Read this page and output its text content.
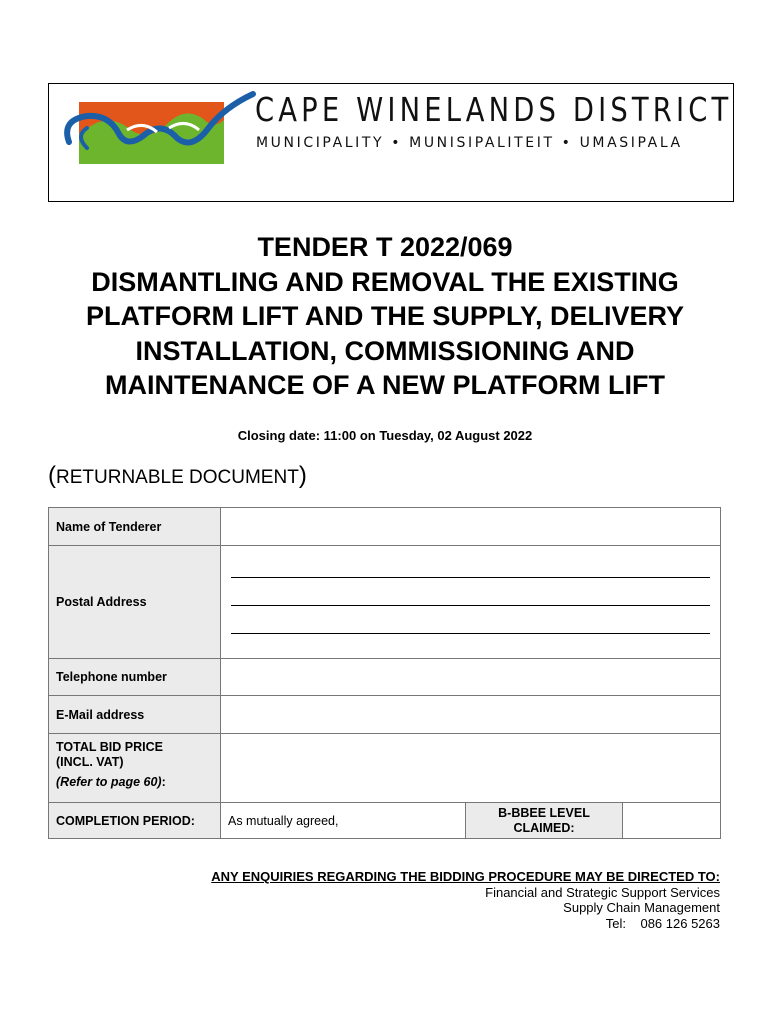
CAPE WINELANDS DISTRICT
MUNICIPALITY • MUNISIPALITEIT • UMASIPALA
TENDER T 2022/069
DISMANTLING AND REMOVAL THE EXISTING
PLATFORM LIFT AND THE SUPPLY, DELIVERY
INSTALLATION, COMMISSIONING AND
MAINTENANCE OF A NEW PLATFORM LIFT
Closing date: 11:00 on Tuesday, 02 August 2022
(RETURNABLE DOCUMENT)
Name of Tenderer			
Postal Address			

Telephone number			
E-Mail address			

TOTAL BID PRICE
(INCL. VAT)
(Refer to page 60):			

COMPLETION PERIOD:	As mutually agreed,	B-BBEE LEVEL
CLAIMED:	

ANY ENQUIRIES REGARDING THE BIDDING PROCEDURE MAY BE DIRECTED TO:
Financial and Strategic Support Services
Supply Chain Management
Tel: 086 126 5263
